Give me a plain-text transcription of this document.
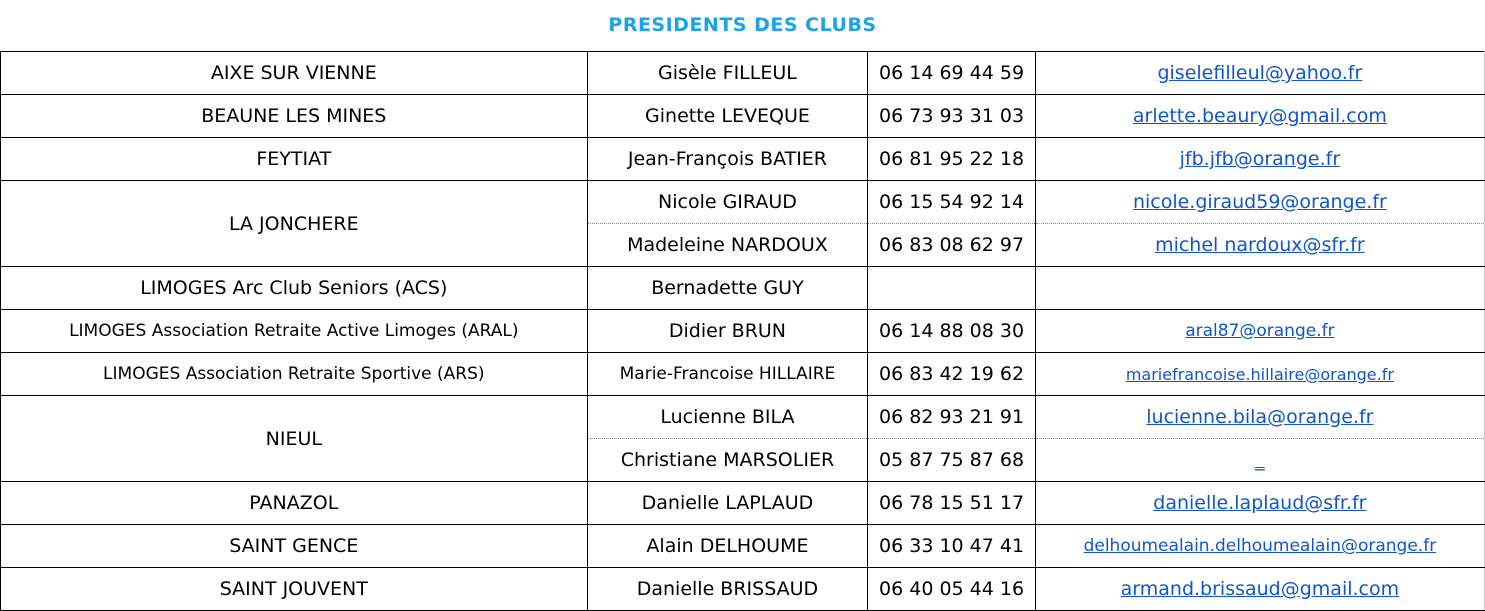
PRESIDENTS DES CLUBS
AIXE SUR VIENNE	Gisèle FILLEUL	06 14 69 44 59	giselefilleul@yahoo.fr
BEAUNE LES MINES	Ginette LEVEQUE	06 73 93 31 03	arlette.beaury@gmail.com
FEYTIAT	Jean-François BATIER	06 81 95 22 18	jfb.jfb@orange.fr
LA JONCHERE	Nicole GIRAUD	06 15 54 92 14	nicole.giraud59@orange.fr
	Madeleine NARDOUX	06 83 08 62 97	michel nardoux@sfr.fr
LIMOGES Arc Club Seniors (ACS)	Bernadette GUY		
LIMOGES Association Retraite Active Limoges (ARAL)	Didier BRUN	06 14 88 08 30	aral87@orange.fr
LIMOGES Association Retraite Sportive (ARS)	Marie-Francoise HILLAIRE	06 83 42 19 62	mariefrancoise.hillaire@orange.fr
NIEUL	Lucienne BILA	06 82 93 21 91	lucienne.bila@orange.fr
	Christiane MARSOLIER	05 87 75 87 68	_
PANAZOL	Danielle LAPLAUD	06 78 15 51 17	danielle.laplaud@sfr.fr
SAINT GENCE	Alain DELHOUME	06 33 10 47 41	delhoumealain.delhoumealain@orange.fr
SAINT JOUVENT	Danielle BRISSAUD	06 40 05 44 16	armand.brissaud@gmail.com
